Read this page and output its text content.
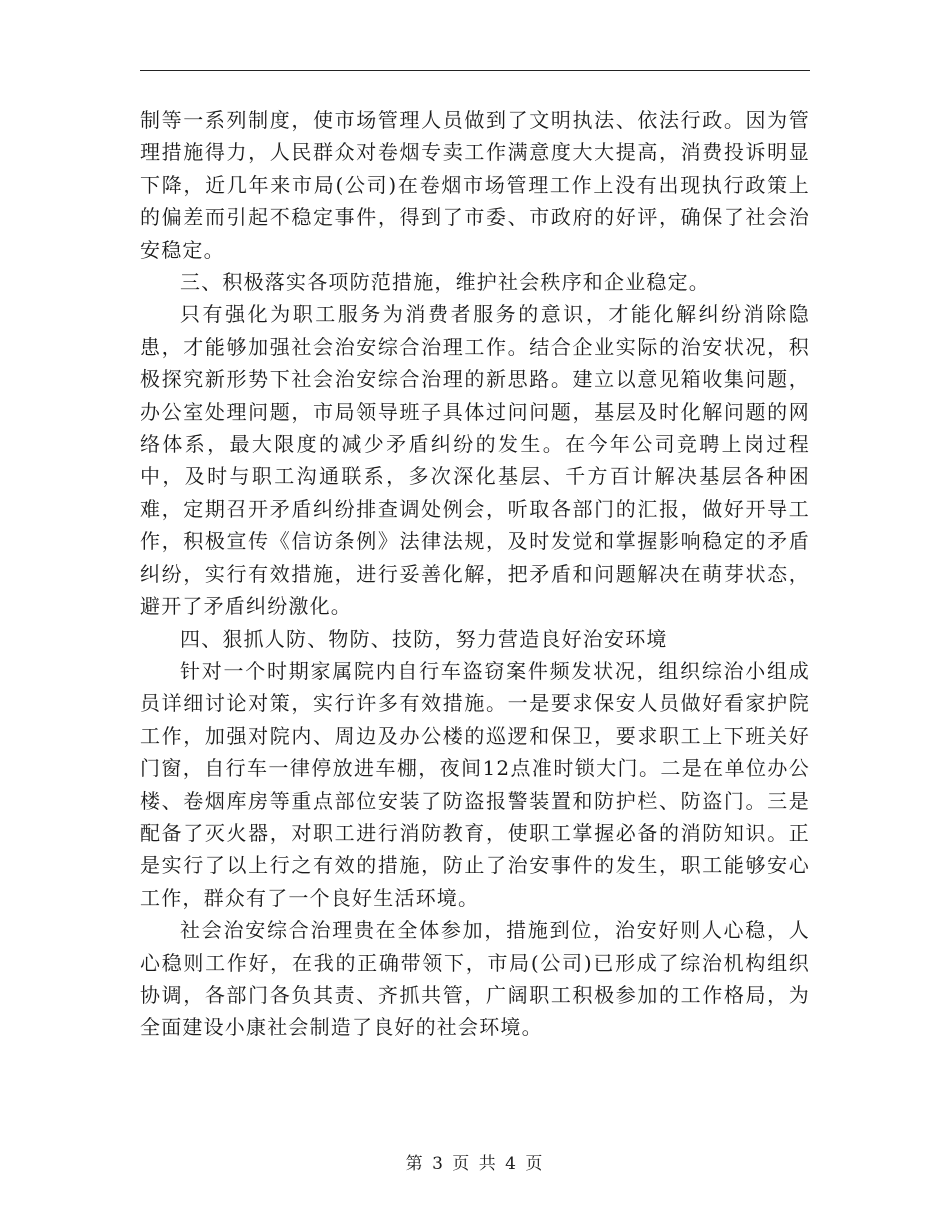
制等一系列制度，使市场管理人员做到了文明执法、依法行政。因为管理措施得力，人民群众对卷烟专卖工作满意度大大提高，消费投诉明显下降，近几年来市局(公司)在卷烟市场管理工作上没有出现执行政策上的偏差而引起不稳定事件，得到了市委、市政府的好评，确保了社会治安稳定。

三、积极落实各项防范措施，维护社会秩序和企业稳定。

只有强化为职工服务为消费者服务的意识，才能化解纠纷消除隐患，才能够加强社会治安综合治理工作。结合企业实际的治安状况，积极探究新形势下社会治安综合治理的新思路。建立以意见箱收集问题，办公室处理问题，市局领导班子具体过问问题，基层及时化解问题的网络体系，最大限度的减少矛盾纠纷的发生。在今年公司竞聘上岗过程中，及时与职工沟通联系，多次深化基层、千方百计解决基层各种困难，定期召开矛盾纠纷排查调处例会，听取各部门的汇报，做好开导工作，积极宣传《信访条例》法律法规，及时发觉和掌握影响稳定的矛盾纠纷，实行有效措施，进行妥善化解，把矛盾和问题解决在萌芽状态，避开了矛盾纠纷激化。

四、狠抓人防、物防、技防，努力营造良好治安环境

针对一个时期家属院内自行车盗窃案件频发状况，组织综治小组成员详细讨论对策，实行许多有效措施。一是要求保安人员做好看家护院工作，加强对院内、周边及办公楼的巡逻和保卫，要求职工上下班关好门窗，自行车一律停放进车棚，夜间12点准时锁大门。二是在单位办公楼、卷烟库房等重点部位安装了防盗报警装置和防护栏、防盗门。三是配备了灭火器，对职工进行消防教育，使职工掌握必备的消防知识。正是实行了以上行之有效的措施，防止了治安事件的发生，职工能够安心工作，群众有了一个良好生活环境。

社会治安综合治理贵在全体参加，措施到位，治安好则人心稳，人心稳则工作好，在我的正确带领下，市局(公司)已形成了综治机构组织协调，各部门各负其责、齐抓共管，广阔职工积极参加的工作格局，为全面建设小康社会制造了良好的社会环境。

第 3 页 共 4 页
